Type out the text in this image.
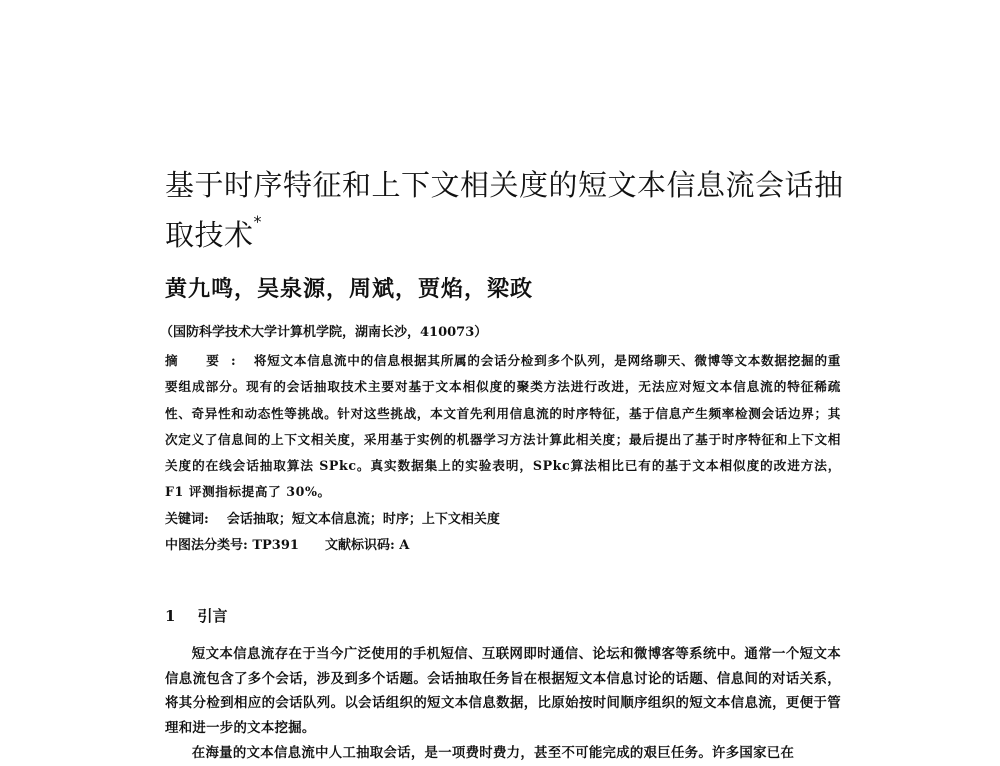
基于时序特征和上下文相关度的短文本信息流会话抽取技术*
黄九鸣，吴泉源，周斌，贾焰，梁政
（国防科学技术大学计算机学院，湖南长沙，410073）
摘 要: 将短文本信息流中的信息根据其所属的会话分检到多个队列，是网络聊天、微博等文本数据挖掘的重要组成部分。现有的会话抽取技术主要对基于文本相似度的聚类方法进行改进，无法应对短文本信息流的特征稀疏性、奇异性和动态性等挑战。针对这些挑战，本文首先利用信息流的时序特征，基于信息产生频率检测会话边界；其次定义了信息间的上下文相关度，采用基于实例的机器学习方法计算此相关度；最后提出了基于时序特征和上下文相关度的在线会话抽取算法 SPkc。真实数据集上的实验表明，SPkc算法相比已有的基于文本相似度的改进方法，F1 评测指标提高了 30%。
关键词: 会话抽取；短文本信息流；时序；上下文相关度
中图法分类号: TP391 文献标识码: A
1 引言

短文本信息流存在于当今广泛使用的手机短信、互联网即时通信、论坛和微博客等系统中。通常一个短文本信息流包含了多个会话，涉及到多个话题。会话抽取任务旨在根据短文本信息讨论的话题、信息间的对话关系，将其分检到相应的会话队列。以会话组织的短文本信息数据，比原始按时间顺序组织的短文本信息流，更便于管理和进一步的文本挖掘。

在海量的文本信息流中人工抽取会话，是一项费时费力，甚至不可能完成的艰巨任务。许多国家已在
